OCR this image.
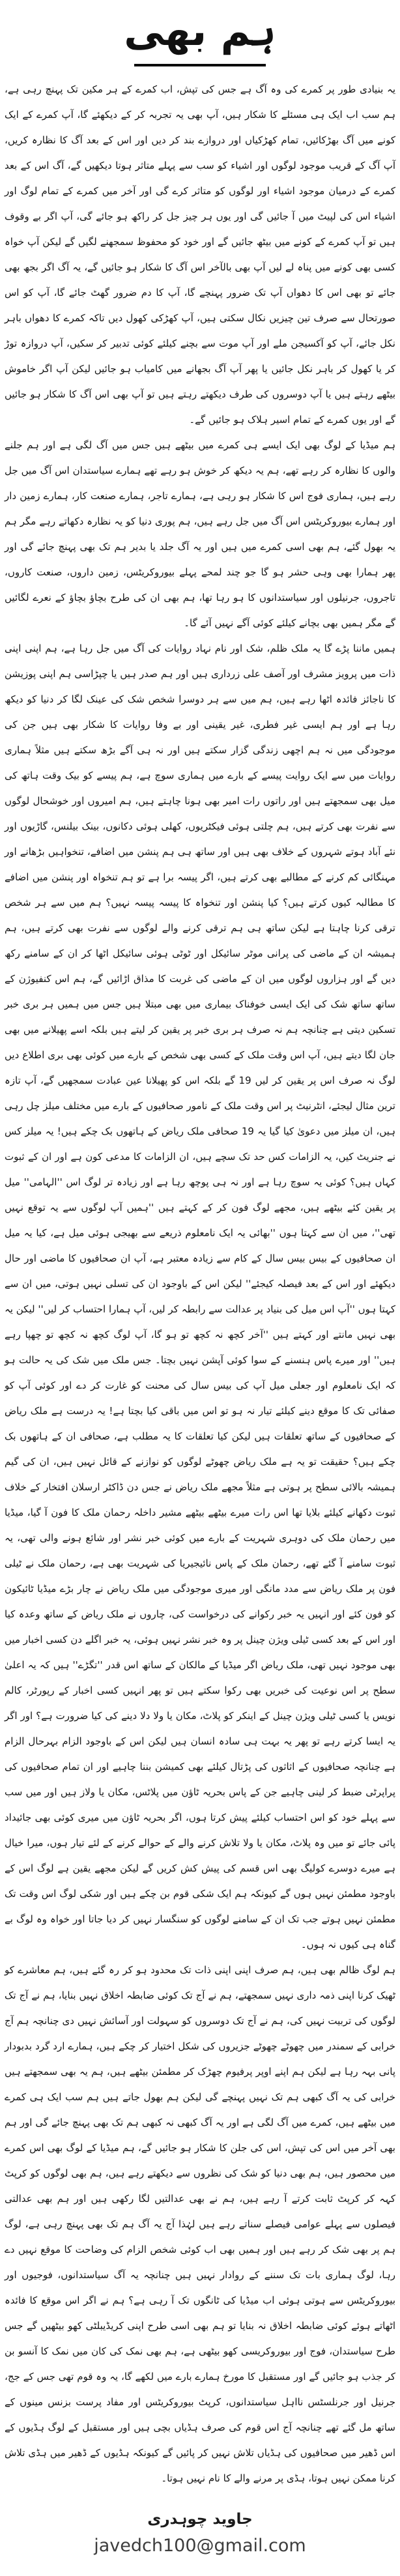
ہم بھی

یہ بنیادی طور پر کمرے کی وہ آگ ہے جس کی تپش، اب کمرے کے ہر مکین تک پہنچ رہی ہے، ہم سب اب ایک ہی مسئلے کا شکار ہیں، آپ بھی یہ تجربہ کر کے دیکھئے گا، آپ کمرے کے ایک کونے میں آگ بھڑکائیں، تمام کھڑکیاں اور دروازے بند کر دیں اور اس کے بعد آگ کا نظارہ کریں، آپ آگ کے قریب موجود لوگوں اور اشیاء کو سب سے پہلے متاثر ہوتا دیکھیں گے، آگ اس کے بعد کمرے کے درمیان موجود اشیاء اور لوگوں کو متاثر کرے گی اور آخر میں کمرے کے تمام لوگ اور اشیاء اس کی لپیٹ میں آ جائیں گی اور یوں ہر چیز جل کر راکھ ہو جائے گی، آپ اگر بے وقوف ہیں تو آپ کمرے کے کونے میں بیٹھ جائیں گے اور خود کو محفوظ سمجھنے لگیں گے لیکن آپ خواہ کسی بھی کونے میں پناہ لے لیں آپ بھی بالآخر اس آگ کا شکار ہو جائیں گے، یہ آگ اگر بجھ بھی جائے تو بھی اس کا دھواں آپ تک ضرور پہنچے گا، آپ کا دم ضرور گھٹ جائے گا، آپ کو اس صورتحال سے صرف تین چیزیں نکال سکتی ہیں، آپ کھڑکی کھول دیں تاکہ کمرے کا دھواں باہر نکل جائے، آپ کو آکسیجن ملے اور آپ موت سے بچنے کیلئے کوئی تدبیر کر سکیں، آپ دروازہ توڑ کر یا کھول کر باہر نکل جائیں یا پھر آپ آگ بجھانے میں کامیاب ہو جائیں لیکن آپ اگر خاموش بیٹھے رہتے ہیں یا آپ دوسروں کی طرف دیکھتے رہتے ہیں تو آپ بھی اس آگ کا شکار ہو جائیں گے اور یوں کمرے کے تمام اسیر ہلاک ہو جائیں گے۔

ہم میڈیا کے لوگ بھی ایک ایسے ہی کمرے میں بیٹھے ہیں جس میں آگ لگی ہے اور ہم جلنے والوں کا نظارہ کر رہے تھے، ہم یہ دیکھ کر خوش ہو رہے تھے ہمارے سیاستدان اس آگ میں جل رہے ہیں، ہماری فوج اس کا شکار ہو رہی ہے، ہمارے تاجر، ہمارے صنعت کار، ہمارے زمین دار اور ہمارے بیوروکریٹس اس آگ میں جل رہے ہیں، ہم پوری دنیا کو یہ نظارہ دکھاتے رہے مگر ہم یہ بھول گئے، ہم بھی اسی کمرے میں ہیں اور یہ آگ جلد یا بدیر ہم تک بھی پہنچ جائے گی اور پھر ہمارا بھی وہی حشر ہو گا جو چند لمحے پہلے بیوروکریٹس، زمین داروں، صنعت کاروں، تاجروں، جرنیلوں اور سیاستدانوں کا ہو رہا تھا، ہم بھی ان کی طرح بچاؤ بچاؤ کے نعرے لگائیں گے مگر ہمیں بھی بچانے کیلئے کوئی آگے نہیں آئے گا۔

ہمیں ماننا پڑے گا یہ ملک ظلم، شک اور نام نہاد روایات کی آگ میں جل رہا ہے، ہم اپنی اپنی ذات میں پرویز مشرف اور آصف علی زرداری ہیں اور ہم صدر ہیں یا چپڑاسی ہم اپنی پوزیشن کا ناجائز فائدہ اٹھا رہے ہیں، ہم میں سے ہر دوسرا شخص شک کی عینک لگا کر دنیا کو دیکھ رہا ہے اور ہم ایسی غیر فطری، غیر یقینی اور بے وفا روایات کا شکار بھی ہیں جن کی موجودگی میں نہ ہم اچھی زندگی گزار سکتے ہیں اور نہ ہی آگے بڑھ سکتے ہیں مثلاً ہماری روایات میں سے ایک روایت پیسے کے بارے میں ہماری سوچ ہے، ہم پیسے کو بیک وقت ہاتھ کی میل بھی سمجھتے ہیں اور راتوں رات امیر بھی ہونا چاہتے ہیں، ہم امیروں اور خوشحال لوگوں سے نفرت بھی کرتے ہیں، ہم چلتی ہوئی فیکٹریوں، کھلی ہوئی دکانوں، بینک بیلنس، گاڑیوں اور نئے آباد ہوتے شہروں کے خلاف بھی ہیں اور ساتھ ہی ہم پنشن میں اضافے، تنخواہیں بڑھانے اور مہنگائی کم کرنے کے مطالبے بھی کرتے ہیں، اگر پیسہ برا ہے تو ہم تنخواہ اور پنشن میں اضافے کا مطالبہ کیوں کرتے ہیں؟ کیا پنشن اور تنخواہ کا پیسہ پیسہ نہیں؟ ہم میں سے ہر شخص ترقی کرنا چاہتا ہے لیکن ساتھ ہی ہم ترقی کرنے والے لوگوں سے نفرت بھی کرتے ہیں، ہم ہمیشہ ان کے ماضی کی پرانی موٹر سائیکل اور ٹوٹی ہوئی سائیکل اٹھا کر ان کے سامنے رکھ دیں گے اور ہزاروں لوگوں میں ان کے ماضی کی غربت کا مذاق اڑائیں گے، ہم اس کنفیوژن کے ساتھ ساتھ شک کی ایک ایسی خوفناک بیماری میں بھی مبتلا ہیں جس میں ہمیں ہر بری خبر تسکین دیتی ہے چنانچہ ہم نہ صرف ہر بری خبر پر یقین کر لیتے ہیں بلکہ اسے پھیلانے میں بھی جان لگا دیتے ہیں، آپ اس وقت ملک کے کسی بھی شخص کے بارے میں کوئی بھی بری اطلاع دیں لوگ نہ صرف اس پر یقین کر لیں 19 گے بلکہ اس کو پھیلانا عین عبادت سمجھیں گے، آپ تازہ ترین مثال لیجئے، انٹرنیٹ پر اس وقت ملک کے نامور صحافیوں کے بارے میں مختلف میلز چل رہی ہیں، ان میلز میں دعویٰ کیا گیا یہ 19 صحافی ملک ریاض کے ہاتھوں بک چکے ہیں! یہ میلز کس نے جنریٹ کیں، یہ الزامات کس حد تک سچے ہیں، ان الزامات کا مدعی کون ہے اور ان کے ثبوت کہاں ہیں؟ کوئی یہ سوچ رہا ہے اور نہ ہی پوچھ رہا ہے اور زیادہ تر لوگ اس ''الہامی'' میل پر یقین کئے بیٹھے ہیں، مجھے لوگ فون کر کے کہتے ہیں ''ہمیں آپ لوگوں سے یہ توقع نہیں تھی''، میں ان سے کہتا ہوں ''بھائی یہ ایک نامعلوم ذریعے سے بھیجی ہوئی میل ہے، کیا یہ میل ان صحافیوں کے بیس بیس سال کے کام سے زیادہ معتبر ہے، آپ ان صحافیوں کا ماضی اور حال دیکھئے اور اس کے بعد فیصلہ کیجئے'' لیکن اس کے باوجود ان کی تسلی نہیں ہوتی، میں ان سے کہتا ہوں ''آپ اس میل کی بنیاد پر عدالت سے رابطہ کر لیں، آپ ہمارا احتساب کر لیں'' لیکن یہ بھی نہیں مانتے اور کہتے ہیں ''آخر کچھ نہ کچھ تو ہو گا، آپ لوگ کچھ نہ کچھ تو چھپا رہے ہیں'' اور میرے پاس ہنسنے کے سوا کوئی آپشن نہیں بچتا۔ جس ملک میں شک کی یہ حالت ہو کہ ایک نامعلوم اور جعلی میل آپ کی بیس سال کی محنت کو غارت کر دے اور کوئی آپ کو صفائی تک کا موقع دینے کیلئے تیار نہ ہو تو اس میں باقی کیا بچتا ہے! یہ درست ہے ملک ریاض کے صحافیوں کے ساتھ تعلقات ہیں لیکن کیا تعلقات کا یہ مطلب ہے، صحافی ان کے ہاتھوں بک چکے ہیں؟ حقیقت تو یہ ہے ملک ریاض چھوٹے لوگوں کو نوازنے کے قائل نہیں ہیں، ان کی گیم ہمیشہ بالائی سطح پر ہوتی ہے مثلاً مجھے ملک ریاض نے جس دن ڈاکٹر ارسلان افتخار کے خلاف ثبوت دکھانے کیلئے بلایا تھا اس رات میرے بیٹھے بیٹھے مشیر داخلہ رحمان ملک کا فون آ گیا، میڈیا میں رحمان ملک کی دوہری شہریت کے بارے میں کوئی خبر نشر اور شائع ہونے والی تھی، یہ ثبوت سامنے آ گئے تھے، رحمان ملک کے پاس نائیجیریا کی شہریت بھی ہے، رحمان ملک نے ٹیلی فون پر ملک ریاض سے مدد مانگی اور میری موجودگی میں ملک ریاض نے چار بڑے میڈیا ٹائیکون کو فون کئے اور انہیں یہ خبر رکوانے کی درخواست کی، چاروں نے ملک ریاض کے ساتھ وعدہ کیا اور اس کے بعد کسی ٹیلی ویژن چینل پر وہ خبر نشر نہیں ہوئی، یہ خبر اگلے دن کسی اخبار میں بھی موجود نہیں تھی، ملک ریاض اگر میڈیا کے مالکان کے ساتھ اس قدر ''تگڑے'' ہیں کہ یہ اعلیٰ سطح پر اس نوعیت کی خبریں بھی رکوا سکتے ہیں تو پھر انہیں کسی اخبار کے رپورٹر، کالم نویس یا کسی ٹیلی ویژن چینل کے اینکر کو پلاٹ، مکان یا ولا دلا دینے کی کیا ضرورت ہے؟ اور اگر یہ ایسا کرتے رہے تو پھر یہ بہت ہی سادہ انسان ہیں لیکن اس کے باوجود الزام بہرحال الزام ہے چنانچہ صحافیوں کے اثاثوں کی پڑتال کیلئے بھی کمیشن بننا چاہیے اور ان تمام صحافیوں کی پراپرٹی ضبط کر لینی چاہیے جن کے پاس بحریہ ٹاؤن میں پلاٹس، مکان یا ولاز ہیں اور میں سب سے پہلے خود کو اس احتساب کیلئے پیش کرتا ہوں، اگر بحریہ ٹاؤن میں میری کوئی بھی جائیداد پائی جائے تو میں وہ پلاٹ، مکان یا ولا تلاش کرنے والے کے حوالے کرنے کے لئے تیار ہوں، میرا خیال ہے میرے دوسرے کولیگ بھی اس قسم کی پیش کش کریں گے لیکن مجھے یقین ہے لوگ اس کے باوجود مطمئن نہیں ہوں گے کیونکہ ہم ایک شکی قوم بن چکے ہیں اور شکی لوگ اس وقت تک مطمئن نہیں ہوتے جب تک ان کے سامنے لوگوں کو سنگسار نہیں کر دیا جاتا اور خواہ وہ لوگ بے گناہ ہی کیوں نہ ہوں۔

ہم لوگ ظالم بھی ہیں، ہم صرف اپنی اپنی ذات تک محدود ہو کر رہ گئے ہیں، ہم معاشرے کو ٹھیک کرنا اپنی ذمہ داری نہیں سمجھتے، ہم نے آج تک کوئی ضابطہ اخلاق نہیں بنایا، ہم نے آج تک لوگوں کی تربیت نہیں کی، ہم نے آج تک دوسروں کو سہولت اور آسائش نہیں دی چنانچہ ہم آج خرابی کے سمندر میں چھوٹے چھوٹے جزیروں کی شکل اختیار کر چکے ہیں، ہمارے ارد گرد بدبودار پانی بہہ رہا ہے لیکن ہم اپنے اوپر پرفیوم چھڑک کر مطمئن بیٹھے ہیں، ہم یہ بھی سمجھتے ہیں خرابی کی یہ آگ کبھی ہم تک نہیں پہنچے گی لیکن ہم بھول جاتے ہیں ہم سب ایک ہی کمرے میں بیٹھے ہیں، کمرے میں آگ لگی ہے اور یہ آگ کبھی نہ کبھی ہم تک بھی پہنچ جائے گی اور ہم بھی آخر میں اس کی تپش، اس کی جلن کا شکار ہو جائیں گے، ہم میڈیا کے لوگ بھی اس کمرے میں محصور ہیں، ہم بھی دنیا کو شک کی نظروں سے دیکھتے رہے ہیں، ہم بھی لوگوں کو کرپٹ کہہ کر کرپٹ ثابت کرتے آ رہے ہیں، ہم نے بھی عدالتیں لگا رکھی ہیں اور ہم بھی عدالتی فیصلوں سے پہلے عوامی فیصلے سناتے رہے ہیں لہٰذا آج یہ آگ ہم تک بھی پہنچ رہی ہے، لوگ ہم پر بھی شک کر رہے ہیں اور ہمیں بھی اب کوئی شخص الزام کی وضاحت کا موقع نہیں دے رہا، لوگ ہماری بات تک سننے کے روادار نہیں ہیں چنانچہ یہ آگ سیاستدانوں، فوجیوں اور بیوروکریٹس سے ہوتی ہوئی اب میڈیا کی ٹانگوں تک آ رہی ہے؟ ہم نے اگر اس موقع کا فائدہ اٹھاتے ہوئے کوئی ضابطہ اخلاق نہ بنایا تو ہم بھی اسی طرح اپنی کریڈیبلٹی کھو بیٹھیں گے جس طرح سیاستدان، فوج اور بیوروکریسی کھو بیٹھی ہے، ہم بھی نمک کی کان میں نمک کا آنسو بن کر جذب ہو جائیں گے اور مستقبل کا مورخ ہمارے بارے میں لکھے گا، یہ وہ قوم تھی جس کے جج، جرنیل اور جرنلسٹس نااہل سیاستدانوں، کرپٹ بیوروکریٹس اور مفاد پرست بزنس مینوں کے ساتھ مل گئے تھے چنانچہ آج اس قوم کی صرف ہڈیاں بچی ہیں اور مستقبل کے لوگ ہڈیوں کے اس ڈھیر میں صحافیوں کی ہڈیاں تلاش نہیں کر پائیں گے کیونکہ ہڈیوں کے ڈھیر میں ہڈی تلاش کرنا ممکن نہیں ہوتا، ہڈی پر مرنے والے کا نام نہیں ہوتا۔

جاوید چوہدری

javedch100@gmail.com
